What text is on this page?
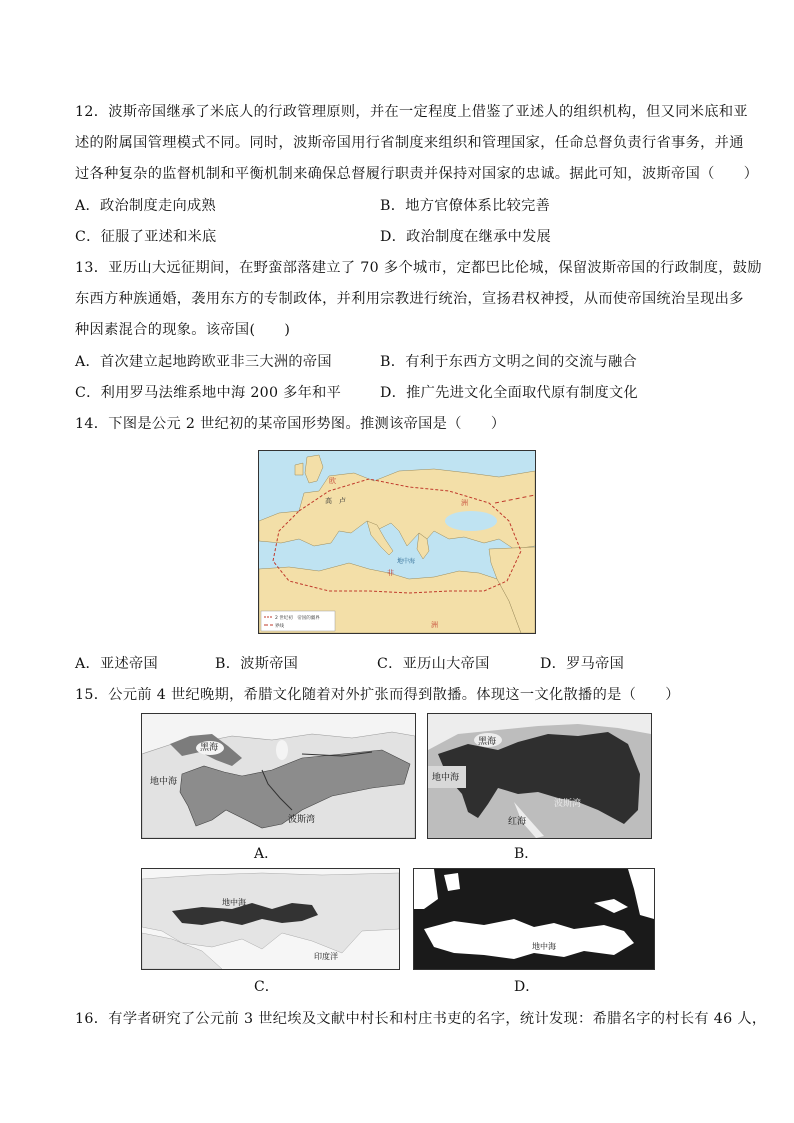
12．波斯帝国继承了米底人的行政管理原则，并在一定程度上借鉴了亚述人的组织机构，但又同米底和亚
述的附属国管理模式不同。同时，波斯帝国用行省制度来组织和管理国家，任命总督负责行省事务，并通
过各种复杂的监督机制和平衡机制来确保总督履行职责并保持对国家的忠诚。据此可知，波斯帝国（　　）
A．政治制度走向成熟	B．地方官僚体系比较完善
C．征服了亚述和米底	D．政治制度在继承中发展
13．亚历山大远征期间，在野蛮部落建立了 70 多个城市，定都巴比伦城，保留波斯帝国的行政制度，鼓励
东西方种族通婚，袭用东方的专制政体，并利用宗教进行统治，宣扬君权神授，从而使帝国统治呈现出多
种因素混合的现象。该帝国(　　)
A．首次建立起地跨欧亚非三大洲的帝国	B．有利于东西方文明之间的交流与融合
C．利用罗马法维系地中海 200 多年和平	D．推广先进文化全面取代原有制度文化
14．下图是公元 2 世纪初的某帝国形势图。推测该帝国是（　　）
欧
洲
高　卢
非
洲
地中海
2 世纪初　帝国的疆界
界线
A．亚述帝国	B．波斯帝国	C．亚历山大帝国	D．罗马帝国
15．公元前 4 世纪晚期，希腊文化随着对外扩张而得到散播。体现这一文化散播的是（　　）
黑海
地中海
波斯湾
A．
黑海
地中海
波斯湾
红海
B．
地中海
印度洋
C．
地中海
D．
16．有学者研究了公元前 3 世纪埃及文献中村长和村庄书吏的名字，统计发现：希腊名字的村长有 46 人，
